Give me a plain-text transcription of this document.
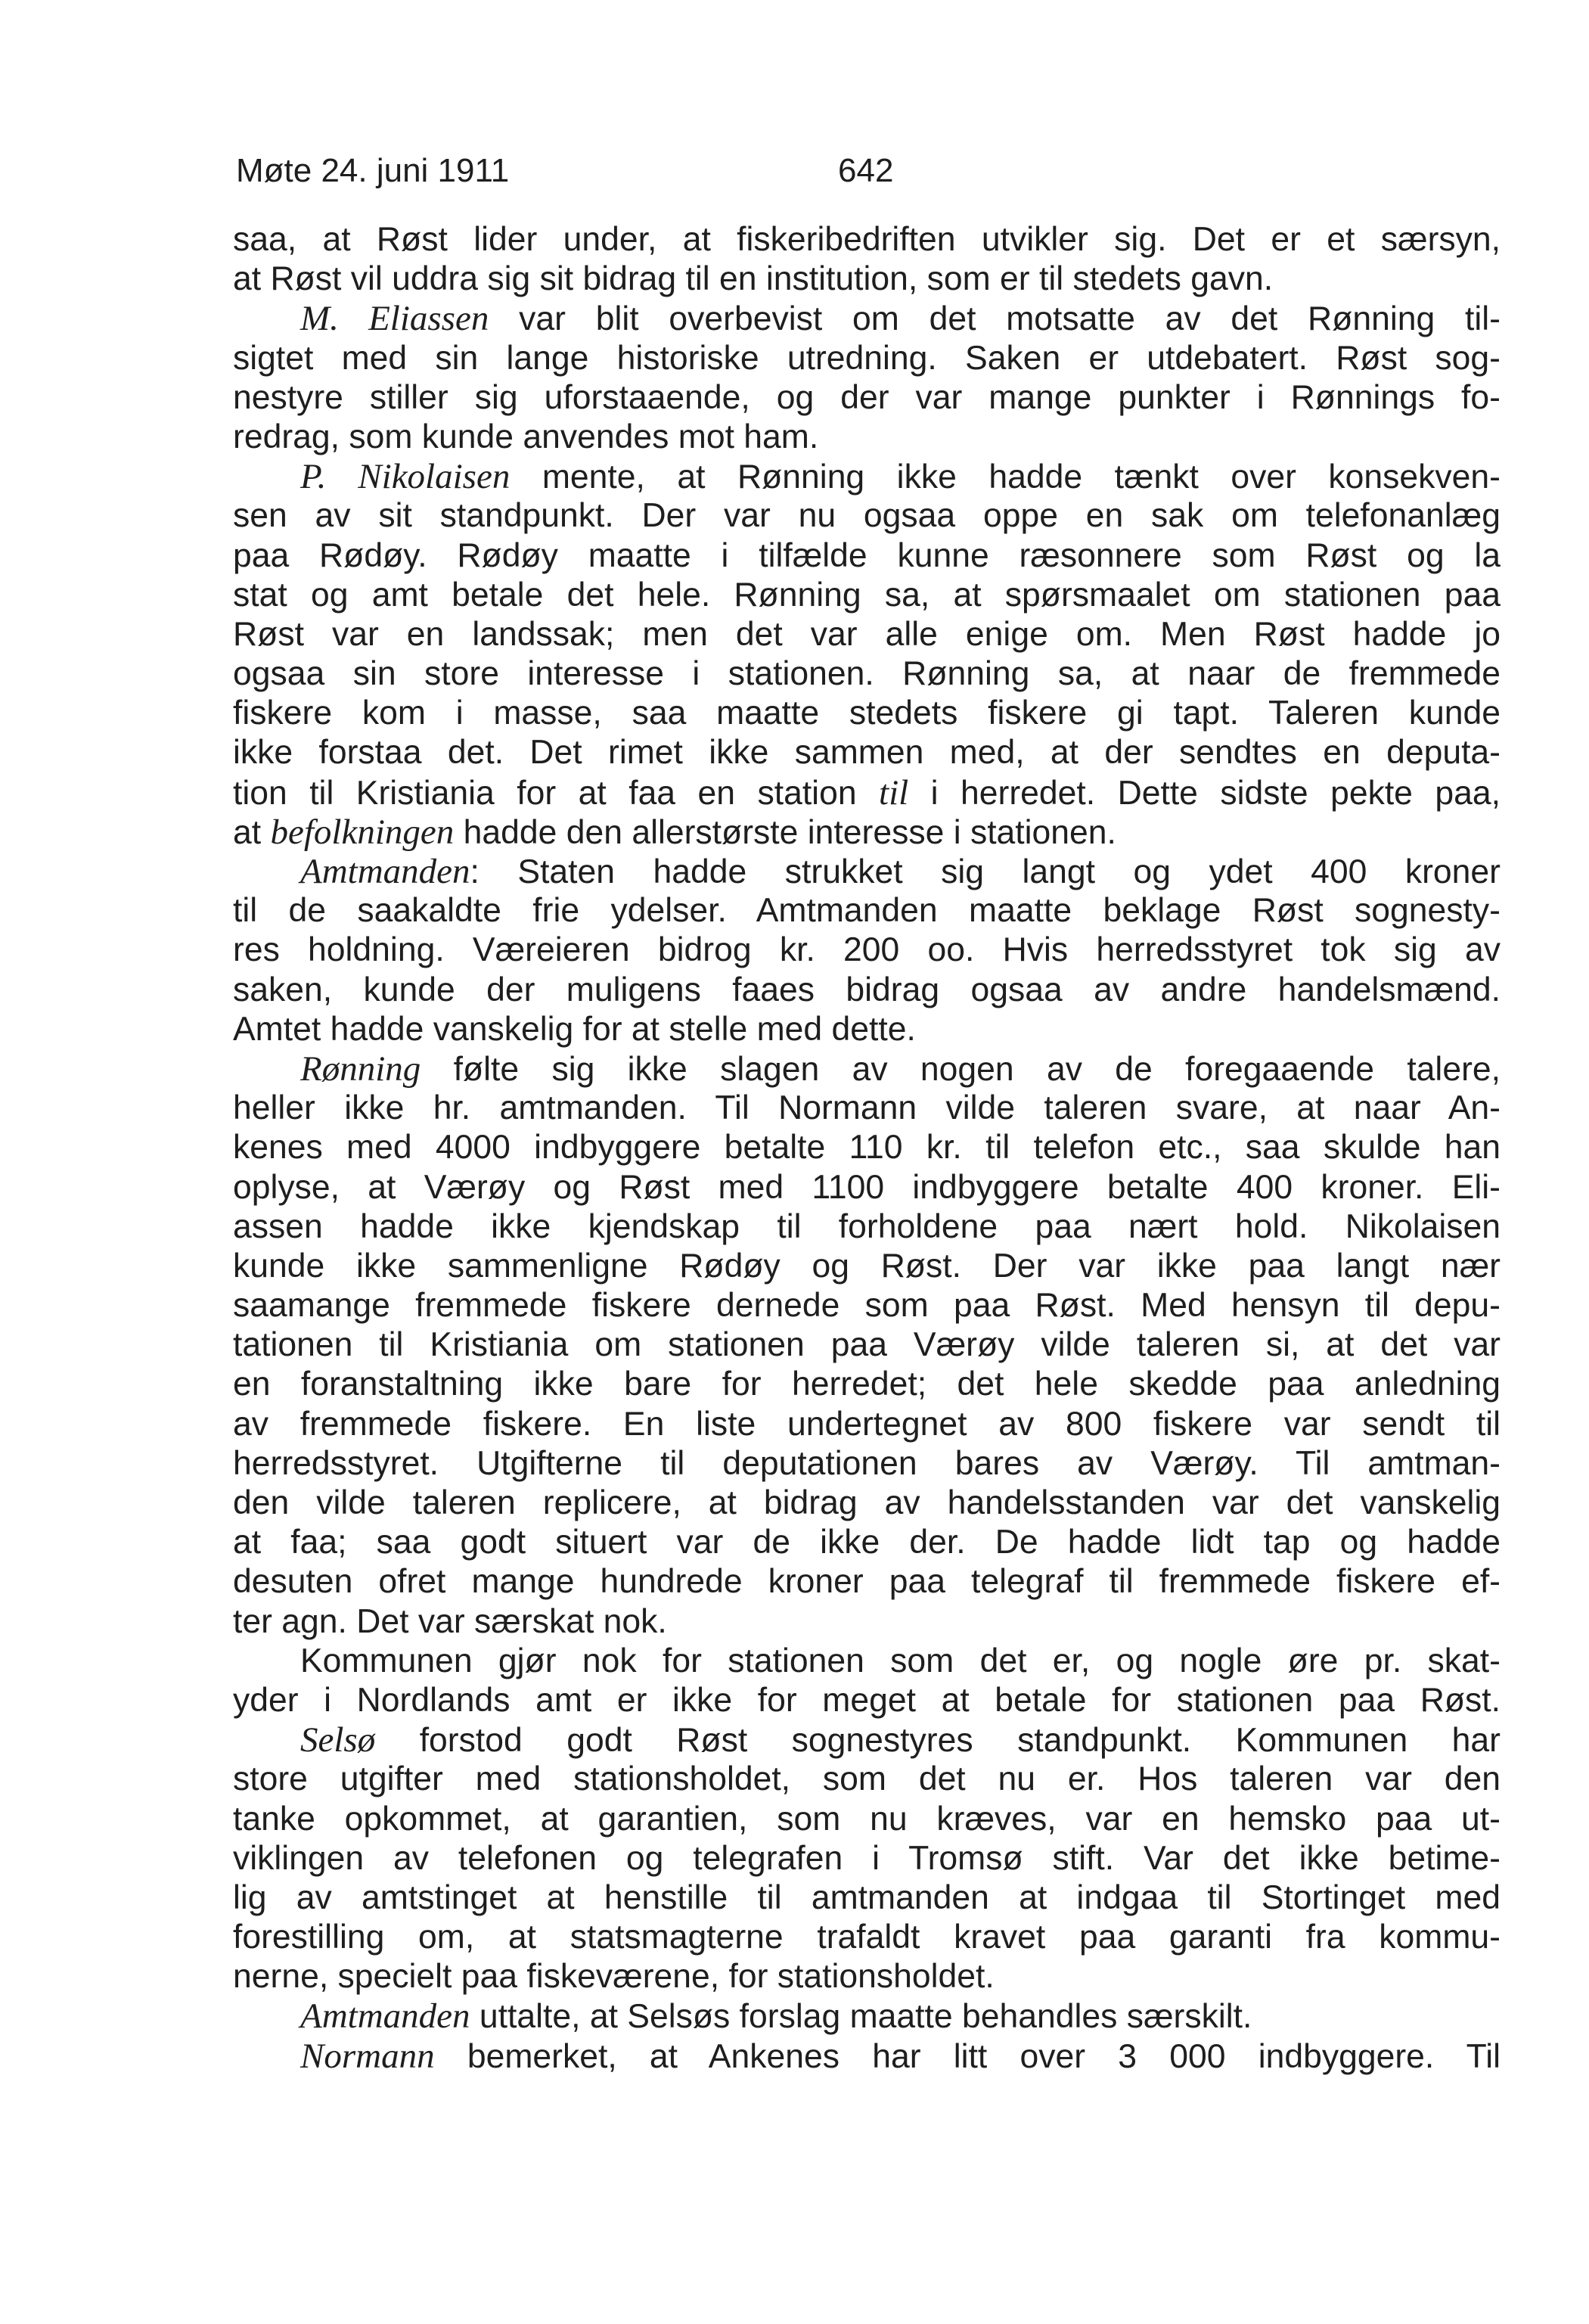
Møte 24. juni 1911	642
saa, at Røst lider under, at fiskeribedriften utvikler sig. Det er et særsyn,
at Røst vil uddra sig sit bidrag til en institution, som er til stedets gavn.
  M. Eliassen var blit overbevist om det motsatte av det Rønning til-
sigtet med sin lange historiske utredning. Saken er utdebatert. Røst sog-
nestyre stiller sig uforstaaende, og der var mange punkter i Rønnings fo-
redrag, som kunde anvendes mot ham.
  P. Nikolaisen mente, at Rønning ikke hadde tænkt over konsekven-
sen av sit standpunkt. Der var nu ogsaa oppe en sak om telefonanlæg
paa Rødøy. Rødøy maatte i tilfælde kunne ræsonnere som Røst og la
stat og amt betale det hele. Rønning sa, at spørsmaalet om stationen paa
Røst var en landssak; men det var alle enige om. Men Røst hadde jo
ogsaa sin store interesse i stationen. Rønning sa, at naar de fremmede
fiskere kom i masse, saa maatte stedets fiskere gi tapt. Taleren kunde
ikke forstaa det. Det rimet ikke sammen med, at der sendtes en deputa-
tion til Kristiania for at faa en station til i herredet. Dette sidste pekte paa,
at befolkningen hadde den allerstørste interesse i stationen.
  Amtmanden: Staten hadde strukket sig langt og ydet 400 kroner
til de saakaldte frie ydelser. Amtmanden maatte beklage Røst sognesty-
res holdning. Væreieren bidrog kr. 200 oo. Hvis herredsstyret tok sig av
saken, kunde der muligens faaes bidrag ogsaa av andre handelsmænd.
Amtet hadde vanskelig for at stelle med dette.
  Rønning følte sig ikke slagen av nogen av de foregaaende talere,
heller ikke hr. amtmanden. Til Normann vilde taleren svare, at naar An-
kenes med 4000 indbyggere betalte 110 kr. til telefon etc., saa skulde han
oplyse, at Værøy og Røst med 1100 indbyggere betalte 400 kroner. Eli-
assen hadde ikke kjendskap til forholdene paa nært hold. Nikolaisen
kunde ikke sammenligne Rødøy og Røst. Der var ikke paa langt nær
saamange fremmede fiskere dernede som paa Røst. Med hensyn til depu-
tationen til Kristiania om stationen paa Værøy vilde taleren si, at det var
en foranstaltning ikke bare for herredet; det hele skedde paa anledning
av fremmede fiskere. En liste undertegnet av 800 fiskere var sendt til
herredsstyret. Utgifterne til deputationen bares av Værøy. Til amtman-
den vilde taleren replicere, at bidrag av handelsstanden var det vanskelig
at faa; saa godt situert var de ikke der. De hadde lidt tap og hadde
desuten ofret mange hundrede kroner paa telegraf til fremmede fiskere ef-
ter agn. Det var særskat nok.
  Kommunen gjør nok for stationen som det er, og nogle øre pr. skat-
yder i Nordlands amt er ikke for meget at betale for stationen paa Røst.
  Selsø forstod godt Røst sognestyres standpunkt. Kommunen har
store utgifter med stationsholdet, som det nu er. Hos taleren var den
tanke opkommet, at garantien, som nu kræves, var en hemsko paa ut-
viklingen av telefonen og telegrafen i Tromsø stift. Var det ikke betime-
lig av amtstinget at henstille til amtmanden at indgaa til Stortinget med
forestilling om, at statsmagterne trafaldt kravet paa garanti fra kommu-
nerne, specielt paa fiskeværene, for stationsholdet.
  Amtmanden uttalte, at Selsøs forslag maatte behandles særskilt.
  Normann bemerket, at Ankenes har litt over 3 000 indbyggere. Til
